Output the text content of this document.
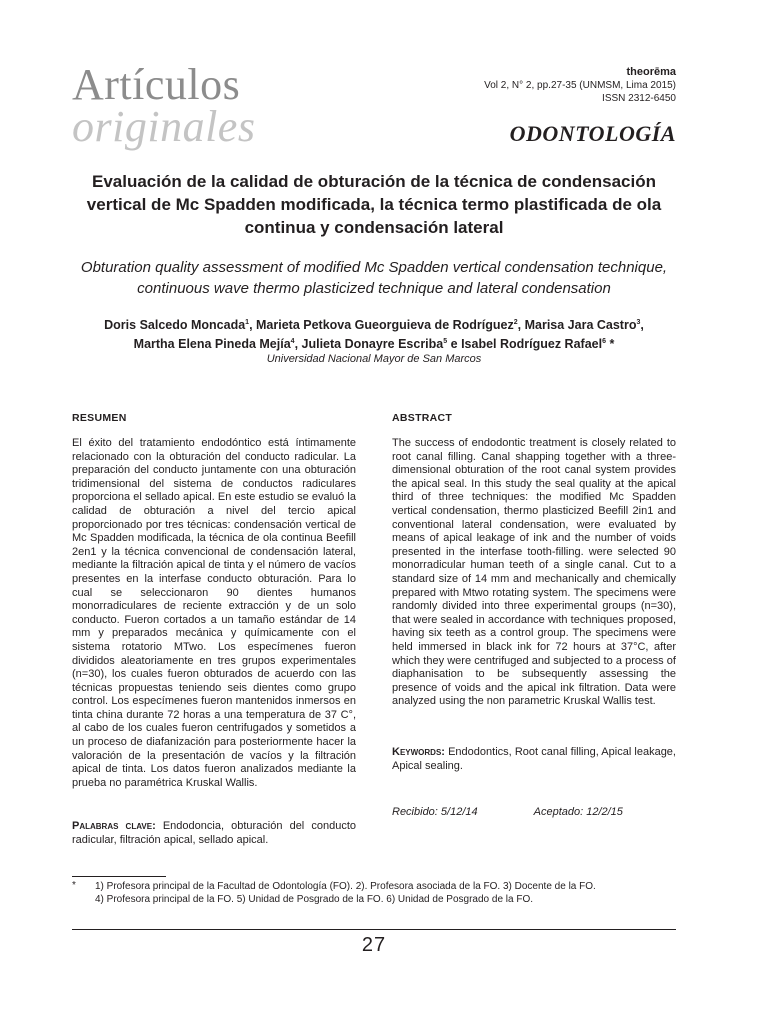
Artículos
originales
theorēma
Vol 2, N° 2, pp.27-35 (UNMSM, Lima 2015)
ISSN 2312-6450
ODONTOLOGÍA
Evaluación de la calidad de obturación de la técnica de condensación vertical de Mc Spadden modificada, la técnica termo plastificada de ola continua y condensación lateral
Obturation quality assessment of modified Mc Spadden vertical condensation technique, continuous wave thermo plasticized technique and lateral condensation
Doris Salcedo Moncada$^1$, Marieta Petkova Gueorguieva de Rodríguez$^2$, Marisa Jara Castro$^3$,
Martha Elena Pineda Mejía$^4$, Julieta Donayre Escriba$^5$ e Isabel Rodríguez Rafael$^6$ *
Universidad Nacional Mayor de San Marcos
RESUMEN	ABSTRACT
El éxito del tratamiento endodóntico está íntimamente relacionado con la obturación del conducto radicular. La preparación del conducto juntamente con una obturación tridimensional del sistema de conductos radiculares proporciona el sellado apical. En este estudio se evaluó la calidad de obturación a nivel del tercio apical proporcionado por tres técnicas: condensación vertical de Mc Spadden modificada, la técnica de ola continua Beefill 2en1 y la técnica convencional de condensación lateral, mediante la filtración apical de tinta y el número de vacíos presentes en la interfase conducto obturación. Para lo cual se seleccionaron 90 dientes humanos monorradiculares de reciente extracción y de un solo conducto. Fueron cortados a un tamaño estándar de 14 mm y preparados mecánica y químicamente con el sistema rotatorio MTwo. Los especímenes fueron divididos aleatoriamente en tres grupos experimentales (n=30), los cuales fueron obturados de acuerdo con las técnicas propuestas teniendo seis dientes como grupo control. Los especímenes fueron mantenidos inmersos en tinta china durante 72 horas a una temperatura de 37 C°, al cabo de los cuales fueron centrifugados y sometidos a un proceso de diafanización para posteriormente hacer la valoración de la presentación de vacíos y la filtración apical de tinta. Los datos fueron analizados mediante la prueba no paramétrica Kruskal Wallis.
Palabras clave: Endodoncia, obturación del conducto radicular, filtración apical, sellado apical.
The success of endodontic treatment is closely related to root canal filling. Canal shapping together with a three-dimensional obturation of the root canal system provides the apical seal. In this study the seal quality at the apical third of three techniques: the modified Mc Spadden vertical condensation, thermo plasticized Beefill 2in1 and conventional lateral condensation, were evaluated by means of apical leakage of ink and the number of voids presented in the interfase tooth-filling. were selected 90 monorradicular human teeth of a single canal. Cut to a standard size of 14 mm and mechanically and chemically prepared with Mtwo rotating system. The specimens were randomly divided into three experimental groups (n=30), that were sealed in accordance with techniques proposed, having six teeth as a control group. The specimens were held immersed in black ink for 72 hours at 37°C, after which they were centrifuged and subjected to a process of diaphanisation to be subsequently assessing the presence of voids and the apical ink filtration. Data were analyzed using the non parametric Kruskal Wallis test.
Keywords: Endodontics, Root canal filling, Apical leakage, Apical sealing.
Recibido: 5/12/14	Aceptado: 12/2/15
* 1) Profesora principal de la Facultad de Odontología (FO). 2). Profesora asociada de la FO. 3) Docente de la FO.
4) Profesora principal de la FO. 5) Unidad de Posgrado de la FO. 6) Unidad de Posgrado de la FO.
27
